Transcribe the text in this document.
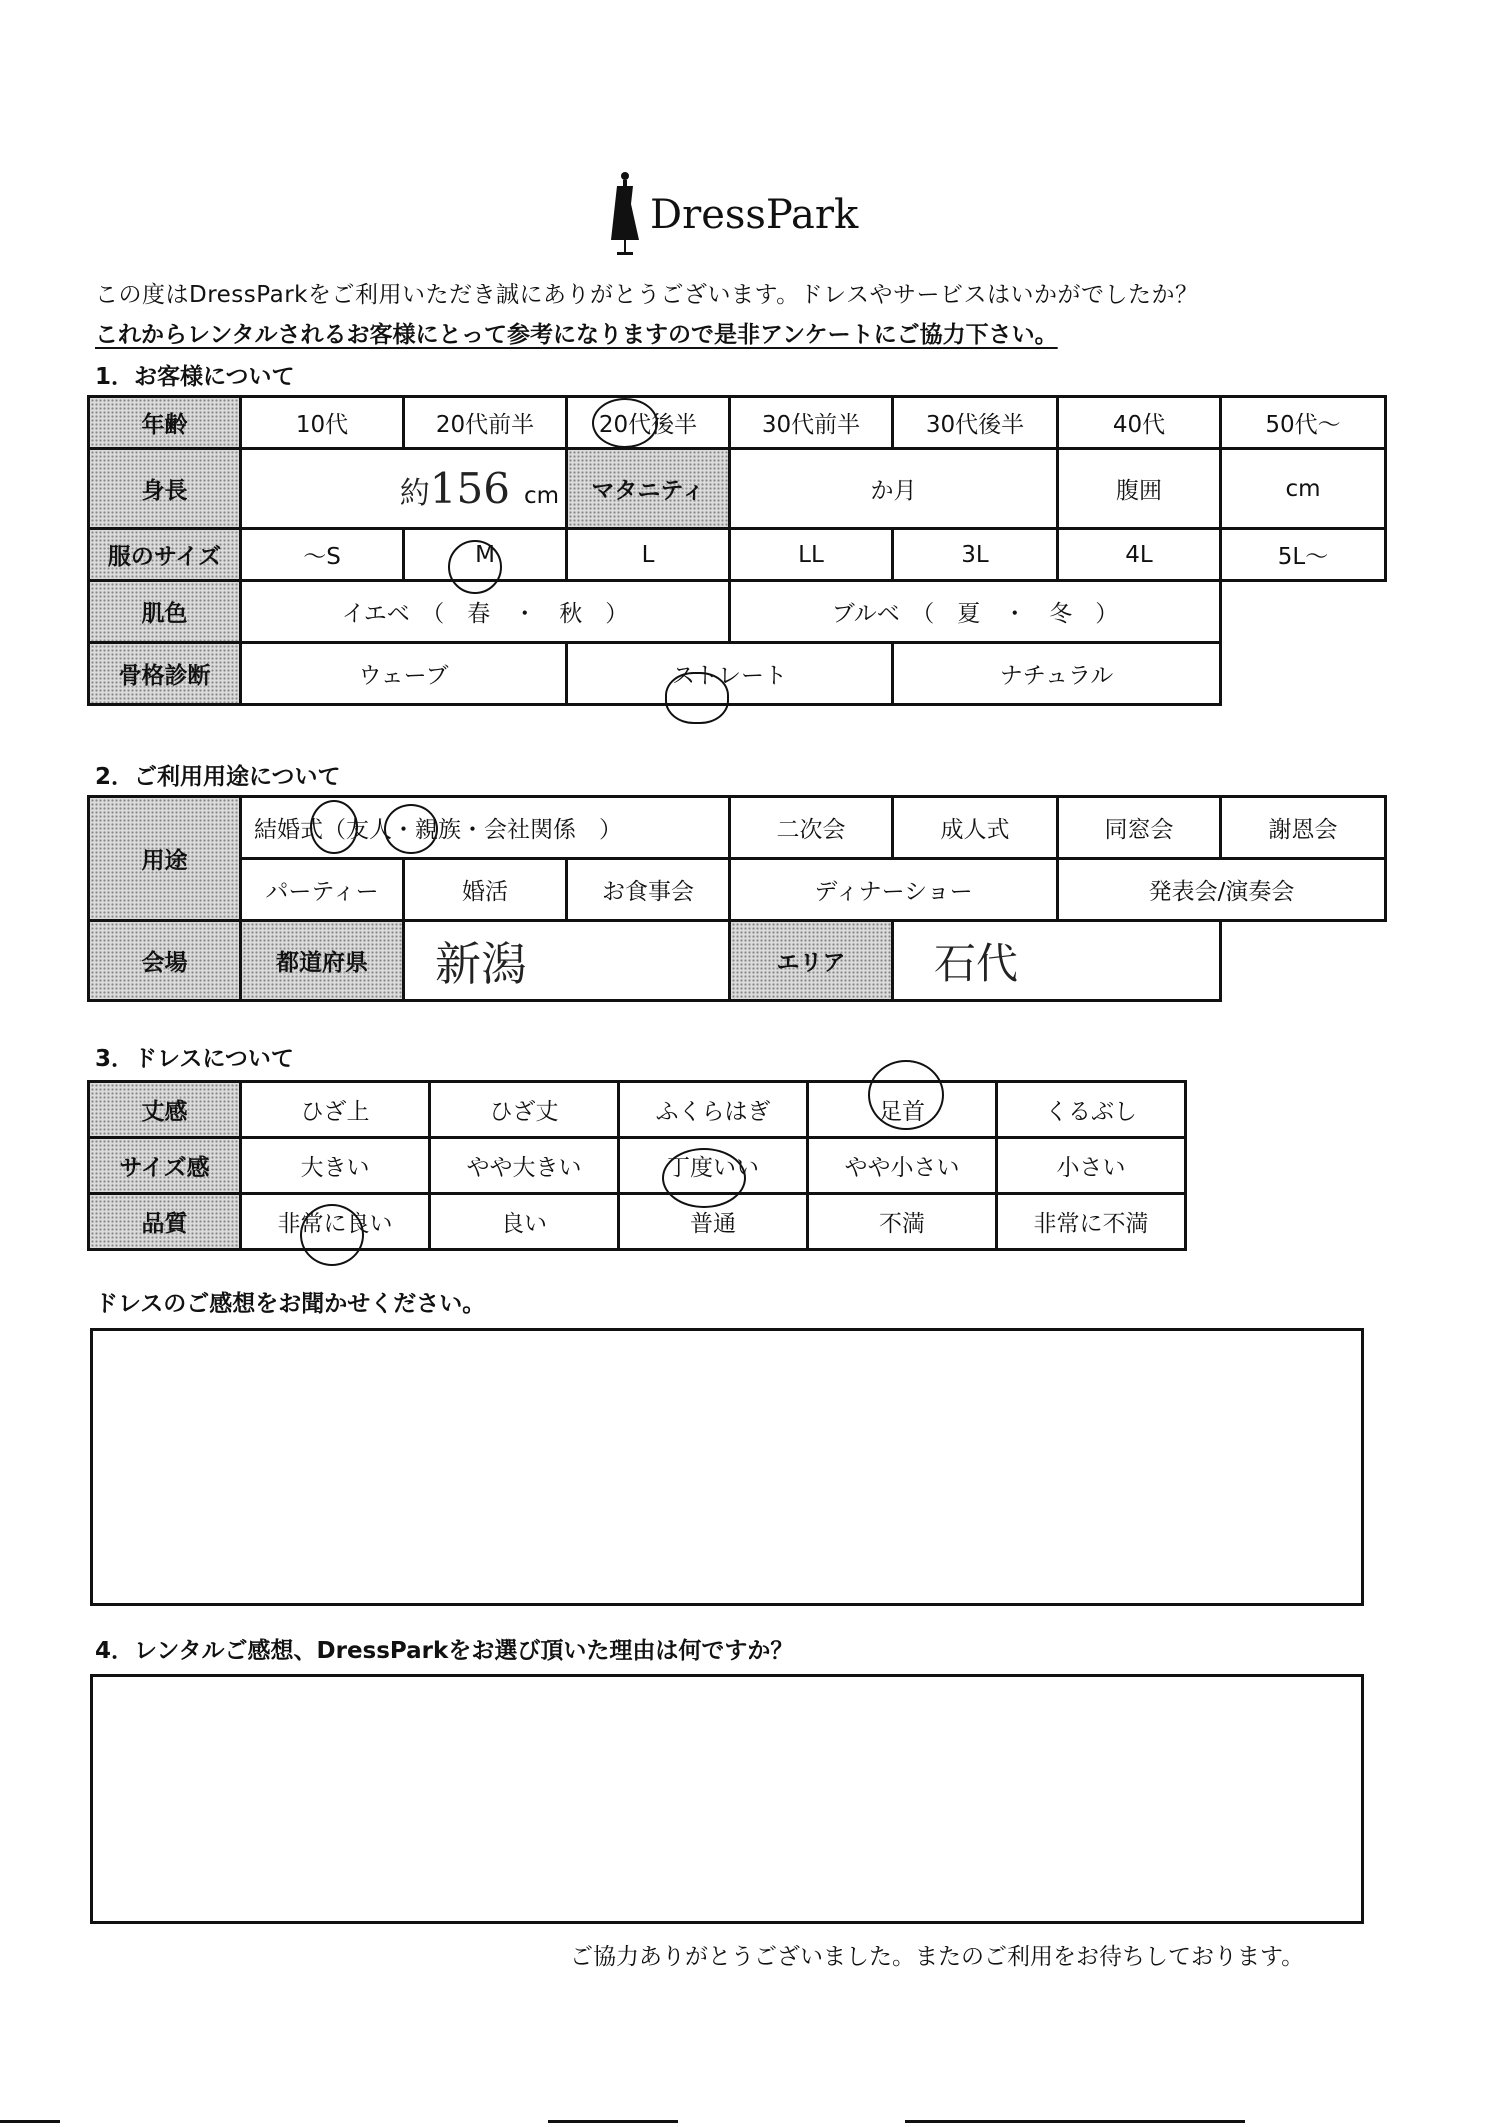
DressPark
この度はDressParkをご利用いただき誠にありがとうございます。ドレスやサービスはいかがでしたか？
これからレンタルされるお客様にとって参考になりますので是非アンケートにご協力下さい。
1．お客様について
年齢	10代	20代前半	20代後半	30代前半	30代後半	40代	50代～
身長	約156 cm		マタニティ	か月		腹囲	cm
服のサイズ	～S	M	L	LL	3L	4L	5L～
肌色	イエベ　（　春　・　秋　）			ブルベ　（　夏　・　冬　）			
骨格診断	ウェーブ		ストレート		ナチュラル		
2．ご利用用途について
用途	結婚式（友人・親族・会社関係　）			二次会	成人式	同窓会	謝恩会
	パーティー	婚活	お食事会	ディナーショー		発表会/演奏会	
会場	都道府県	新潟		エリア	石代		
3．ドレスについて
丈感	ひざ上	ひざ丈	ふくらはぎ	足首	くるぶし
サイズ感	大きい	やや大きい	丁度いい	やや小さい	小さい
品質	非常に良い	良い	普通	不満	非常に不満
ドレスのご感想をお聞かせください。
4．レンタルご感想、DressParkをお選び頂いた理由は何ですか？
ご協力ありがとうございました。またのご利用をお待ちしております。
